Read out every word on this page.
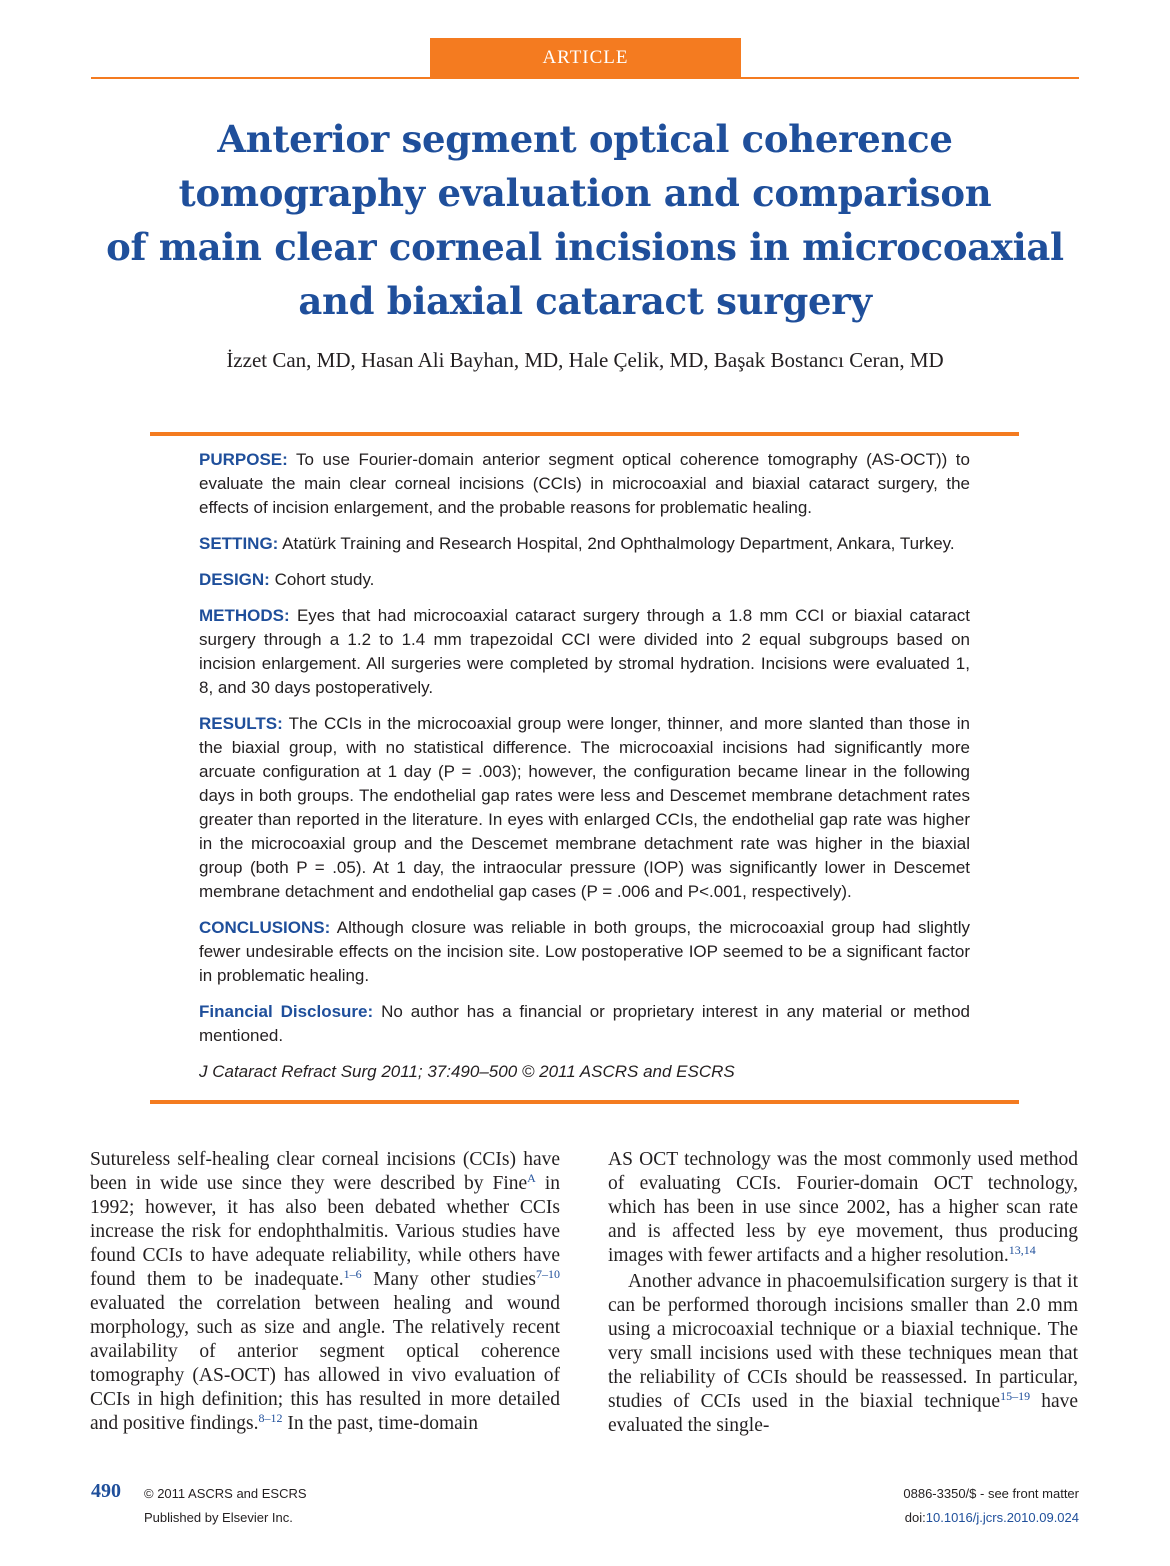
ARTICLE
Anterior segment optical coherence
tomography evaluation and comparison
of main clear corneal incisions in microcoaxial
and biaxial cataract surgery
İzzet Can, MD, Hasan Ali Bayhan, MD, Hale Çelik, MD, Başak Bostancı Ceran, MD

PURPOSE: To use Fourier-domain anterior segment optical coherence tomography (AS-OCT)) to evaluate the main clear corneal incisions (CCIs) in microcoaxial and biaxial cataract surgery, the effects of incision enlargement, and the probable reasons for problematic healing.

SETTING: Atatürk Training and Research Hospital, 2nd Ophthalmology Department, Ankara, Turkey.

DESIGN: Cohort study.

METHODS: Eyes that had microcoaxial cataract surgery through a 1.8 mm CCI or biaxial cataract surgery through a 1.2 to 1.4 mm trapezoidal CCI were divided into 2 equal subgroups based on incision enlargement. All surgeries were completed by stromal hydration. Incisions were evaluated 1, 8, and 30 days postoperatively.

RESULTS: The CCIs in the microcoaxial group were longer, thinner, and more slanted than those in the biaxial group, with no statistical difference. The microcoaxial incisions had significantly more arcuate configuration at 1 day (P = .003); however, the configuration became linear in the following days in both groups. The endothelial gap rates were less and Descemet membrane detachment rates greater than reported in the literature. In eyes with enlarged CCIs, the endothelial gap rate was higher in the microcoaxial group and the Descemet membrane detachment rate was higher in the biaxial group (both P = .05). At 1 day, the intraocular pressure (IOP) was significantly lower in Descemet membrane detachment and endothelial gap cases (P = .006 and P<.001, respectively).

CONCLUSIONS: Although closure was reliable in both groups, the microcoaxial group had slightly fewer undesirable effects on the incision site. Low postoperative IOP seemed to be a significant factor in problematic healing.

Financial Disclosure: No author has a financial or proprietary interest in any material or method mentioned.

J Cataract Refract Surg 2011; 37:490–500 © 2011 ASCRS and ESCRS

Sutureless self-healing clear corneal incisions (CCIs) have been in wide use since they were described by Fine$^A$ in 1992; however, it has also been debated whether CCIs increase the risk for endophthalmitis. Various studies have found CCIs to have adequate reliability, while others have found them to be inadequate.$^{1-6}$ Many other studies$^{7-10}$ evaluated the correlation between healing and wound morphology, such as size and angle. The relatively recent availability of anterior segment optical coherence tomography (AS-OCT) has allowed in vivo evaluation of CCIs in high definition; this has resulted in more detailed and positive findings.$^{8-12}$ In the past, time-domain

AS OCT technology was the most commonly used method of evaluating CCIs. Fourier-domain OCT technology, which has been in use since 2002, has a higher scan rate and is affected less by eye movement, thus producing images with fewer artifacts and a higher resolution.$^{13,14}$

Another advance in phacoemulsification surgery is that it can be performed thorough incisions smaller than 2.0 mm using a microcoaxial technique or a biaxial technique. The very small incisions used with these techniques mean that the reliability of CCIs should be reassessed. In particular, studies of CCIs used in the biaxial technique$^{15-19}$ have evaluated the single-

490 © 2011 ASCRS and ESCRS
Published by Elsevier Inc.
0886-3350/$ - see front matter
doi:10.1016/j.jcrs.2010.09.024
